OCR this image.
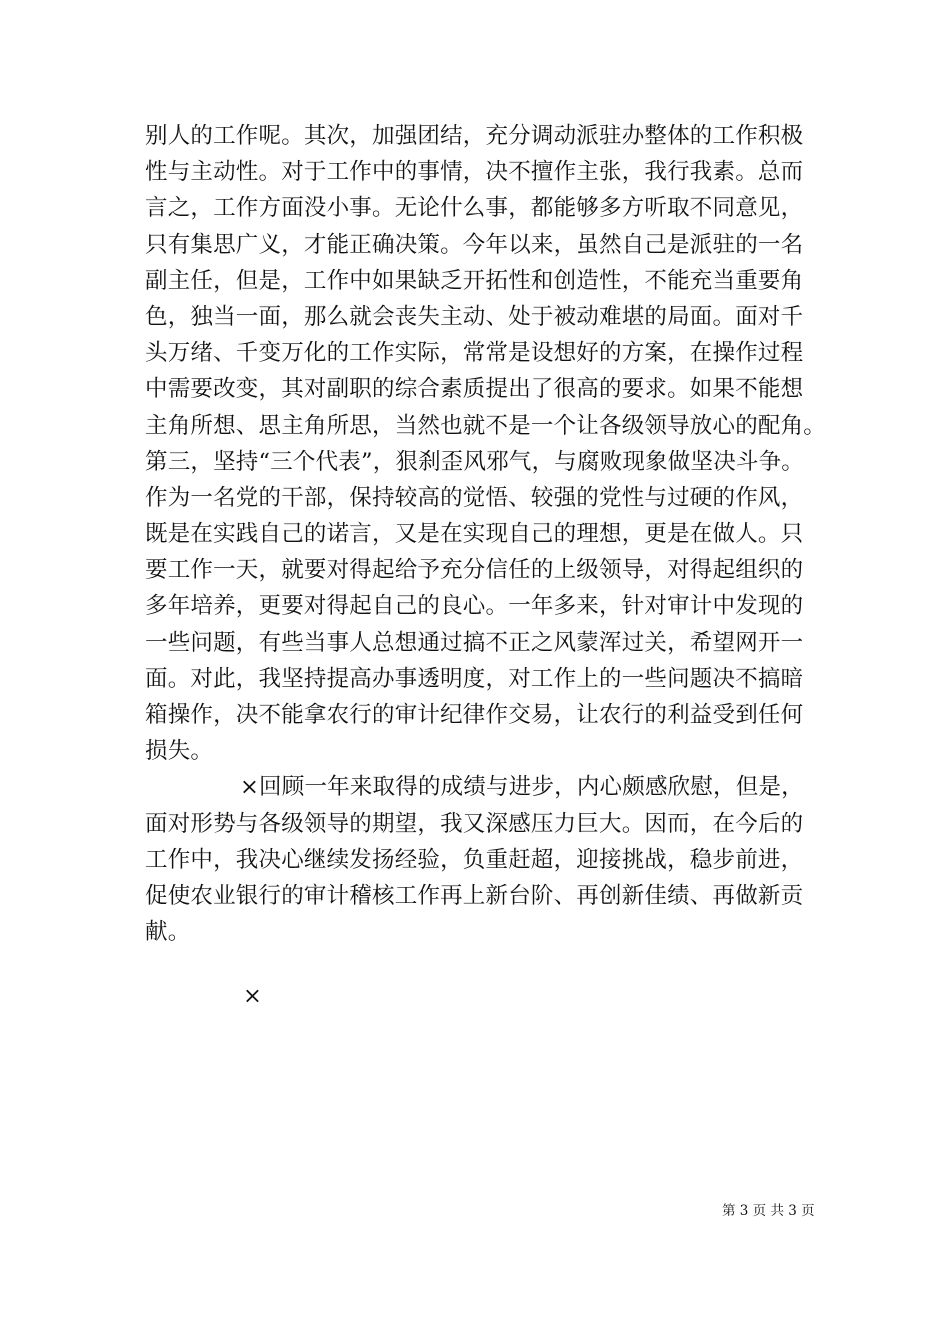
别人的工作呢。其次，加强团结，充分调动派驻办整体的工作积极
性与主动性。对于工作中的事情，决不擅作主张，我行我素。总而
言之，工作方面没小事。无论什么事，都能够多方听取不同意见，
只有集思广义，才能正确决策。今年以来，虽然自己是派驻的一名
副主任，但是，工作中如果缺乏开拓性和创造性，不能充当重要角
色，独当一面，那么就会丧失主动、处于被动难堪的局面。面对千
头万绪、千变万化的工作实际，常常是设想好的方案，在操作过程
中需要改变，其对副职的综合素质提出了很高的要求。如果不能想
主角所想、思主角所思，当然也就不是一个让各级领导放心的配角。
第三，坚持“三个代表”，狠刹歪风邪气，与腐败现象做坚决斗争。
作为一名党的干部，保持较高的觉悟、较强的党性与过硬的作风，
既是在实践自己的诺言，又是在实现自己的理想，更是在做人。只
要工作一天，就要对得起给予充分信任的上级领导，对得起组织的
多年培养，更要对得起自己的良心。一年多来，针对审计中发现的
一些问题，有些当事人总想通过搞不正之风蒙浑过关，希望网开一
面。对此，我坚持提高办事透明度，对工作上的一些问题决不搞暗
箱操作，决不能拿农行的审计纪律作交易，让农行的利益受到任何
损失。
×回顾一年来取得的成绩与进步，内心颇感欣慰，但是，
面对形势与各级领导的期望，我又深感压力巨大。因而，在今后的
工作中，我决心继续发扬经验，负重赶超，迎接挑战，稳步前进，
促使农业银行的审计稽核工作再上新台阶、再创新佳绩、再做新贡
献。
×
第 3 页 共 3 页
